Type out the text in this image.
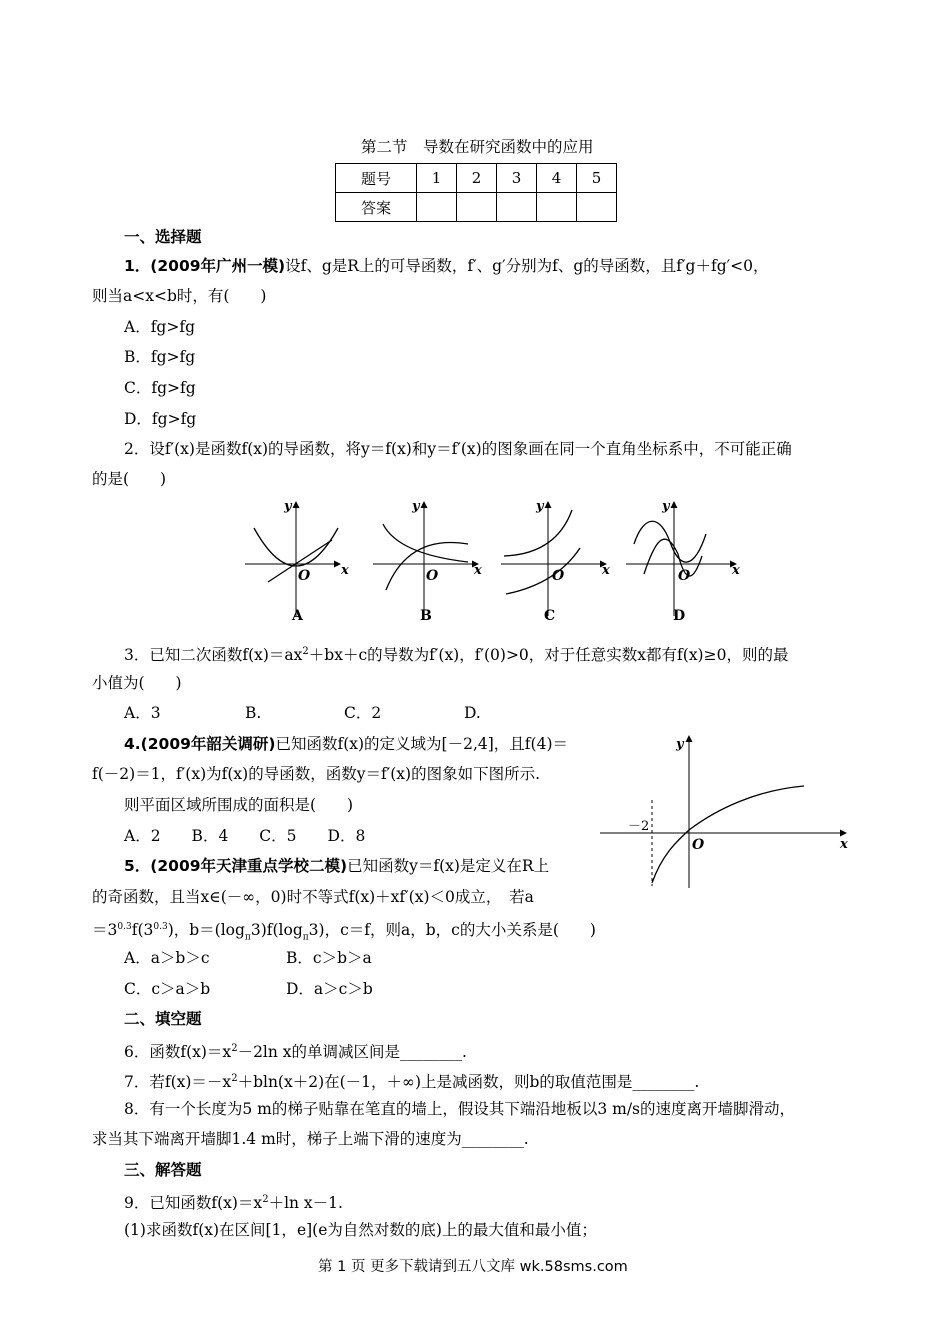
第二节　导数在研究函数中的应用
题号	1	2	3	4	5
答案					
一、选择题
1．(2009年广州一模)设f、g是R上的可导函数，f′、g′分别为f、g的导函数，且f′g＋fg′<0，
则当a<x<b时，有(　　)
A．fg>fg
B．fg>fg
C．fg>fg
D．fg>fg
2．设f′(x)是函数f(x)的导函数，将y＝f(x)和y＝f′(x)的图象画在同一个直角坐标系中，不可能正确
的是(　　)
y
x
O
A
y
x
O
B
y
x
O
C
y
x
O
D
3．已知二次函数$f(x)=ax^2+bx+c$的导数为f′(x)，f′(0)>0，对于任意实数x都有f(x)≥0，则的最
小值为(　　)
A．3	B.	C．2	D.
4.(2009年韶关调研)已知函数f(x)的定义域为[－2,4]，且f(4)＝
f(－2)＝1，f′(x)为f(x)的导函数，函数y＝f′(x)的图象如下图所示.
则平面区域所围成的面积是(　　)
A．2　　B．4　　C．5　　D．8
y
x
O
－2
5．(2009年天津重点学校二模)已知函数y＝f(x)是定义在R上
的奇函数，且当x∈(－∞，0)时不等式f(x)＋xf′(x)＜0成立，　若a
$=3^{0.3}f(3^{0.3})$，$b=(\log_\pi 3)f(\log_\pi 3)$，c＝f，则a，b，c的大小关系是(　　)
A．a＞b＞c	B．c＞b＞a
C．c＞a＞b	D．a＞c＞b
二、填空题
6．函数$f(x)=x^2-2\ln$ x的单调减区间是________.
7．若$f(x)=-x^2+bln(x+2)$在(－1，＋∞)上是减函数，则b的取值范围是________.
8．有一个长度为5 m的梯子贴靠在笔直的墙上，假设其下端沿地板以3 m/s的速度离开墙脚滑动，
求当其下端离开墙脚1.4 m时，梯子上端下滑的速度为________.
三、解答题
9．已知函数$f(x)=x^2+\ln$ x－1.
(1)求函数f(x)在区间[1，e](e为自然对数的底)上的最大值和最小值；
第 1 页 更多下载请到五八文库 wk.58sms.com
